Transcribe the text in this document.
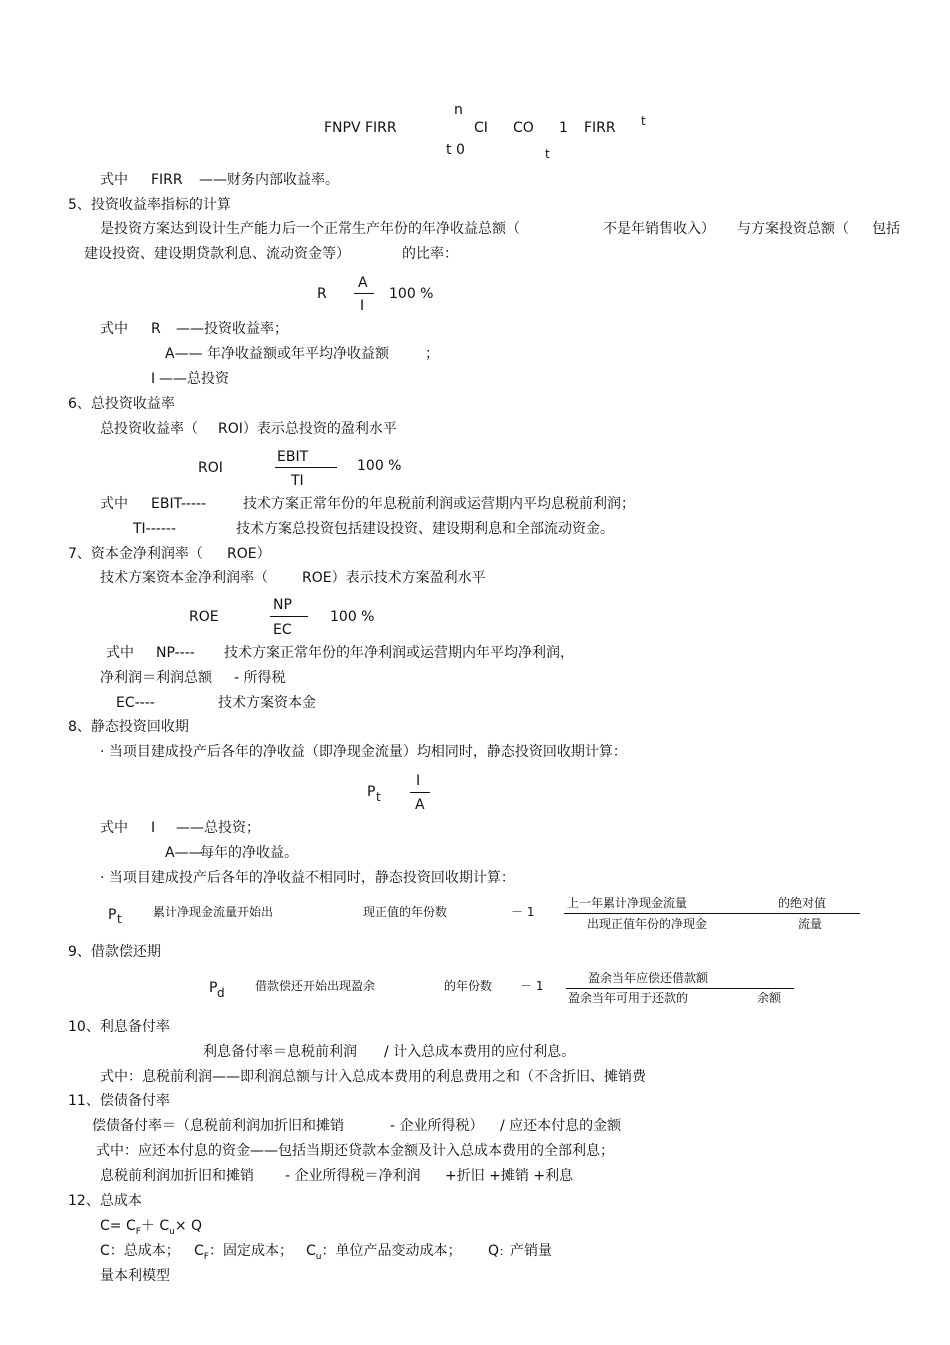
n
FNPV FIRR	CI CO 1 FIRR t
t 0	t
式中 FIRR ——财务内部收益率。
5、投资收益率指标的计算
是投资方案达到设计生产能力后一个正常生产年份的年净收益总额（	不是年销售收入） 与方案投资总额（ 包括
建设投资、建设期贷款利息、流动资金等）	的比率：
R
A
I
100 %
式中 R ——投资收益率；
A—— 年净收益额或年平均净收益额	；
I ——总投资
6、总投资收益率
总投资收益率（ ROI）表示总投资的盈利水平
ROI
EBIT
TI
100 %
式中 EBIT-----	技术方案正常年份的年息税前利润或运营期内平均息税前利润；
TI------	技术方案总投资包括建设投资、建设期利息和全部流动资金。
7、资本金净利润率（ ROE）
技术方案资本金净利润率（ ROE）表示技术方案盈利水平
ROE
NP
EC
100 %
式中 NP---- 技术方案正常年份的年净利润或运营期内年平均净利润，
净利润＝利润总额 - 所得税
EC----	技术方案资本金
8、静态投资回收期
· 当项目建成投产后各年的净收益（即净现金流量）均相同时，静态投资回收期计算：
P t
I
A
式中 I ——总投资；
A——
每年的净收益。
· 当项目建成投产后各年的净收益不相同时，静态投资回收期计算：
P t	累计净现金流量开始出	现正值的年份数	－ 1
上一年累计净现金流量	的绝对值
出现正值年份的净现金	流量
9、借款偿还期
P d	借款偿还开始出现盈余	的年份数 － 1
盈余当年应偿还借款额
盈余当年可用于还款的	余额
10、利息备付率
利息备付率＝息税前利润 / 计入总成本费用的应付利息。
式中：息税前利润——即利润总额与计入总成本费用的利息费用之和（不含折旧、摊销费
11、偿债备付率
偿债备付率＝（息税前利润加折旧和摊销	- 企业所得税） / 应还本付息的金额
式中：应还本付息的资金——包括当期还贷款本金额及计入总成本费用的全部利息；
息税前利润加折旧和摊销 - 企业所得税＝净利润 +折旧 +摊销 +利息
12、总成本
$C= C_F+ C_u\times Q$
C：总成本； $C_F$：固定成本； $C_u$：单位产品变动成本； Q：产销量
量本利模型
